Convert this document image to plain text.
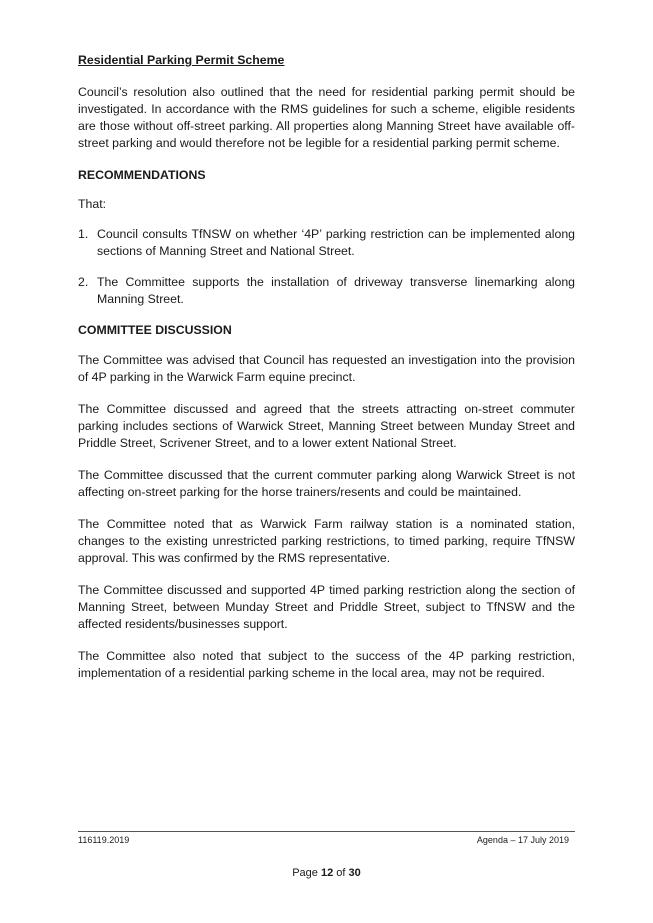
Residential Parking Permit Scheme
Council’s resolution also outlined that the need for residential parking permit should be investigated. In accordance with the RMS guidelines for such a scheme, eligible residents are those without off-street parking. All properties along Manning Street have available off-street parking and would therefore not be legible for a residential parking permit scheme.
RECOMMENDATIONS
That:
1. Council consults TfNSW on whether ‘4P’ parking restriction can be implemented along sections of Manning Street and National Street.
2. The Committee supports the installation of driveway transverse linemarking along Manning Street.
COMMITTEE DISCUSSION
The Committee was advised that Council has requested an investigation into the provision of 4P parking in the Warwick Farm equine precinct.
The Committee discussed and agreed that the streets attracting on-street commuter parking includes sections of Warwick Street, Manning Street between Munday Street and Priddle Street, Scrivener Street, and to a lower extent National Street.
The Committee discussed that the current commuter parking along Warwick Street is not affecting on-street parking for the horse trainers/resents and could be maintained.
The Committee noted that as Warwick Farm railway station is a nominated station, changes to the existing unrestricted parking restrictions, to timed parking, require TfNSW approval. This was confirmed by the RMS representative.
The Committee discussed and supported 4P timed parking restriction along the section of Manning Street, between Munday Street and Priddle Street, subject to TfNSW and the affected residents/businesses support.
The Committee also noted that subject to the success of the 4P parking restriction, implementation of a residential parking scheme in the local area, may not be required.
116119.2019	Agenda – 17 July 2019
Page 12 of 30
